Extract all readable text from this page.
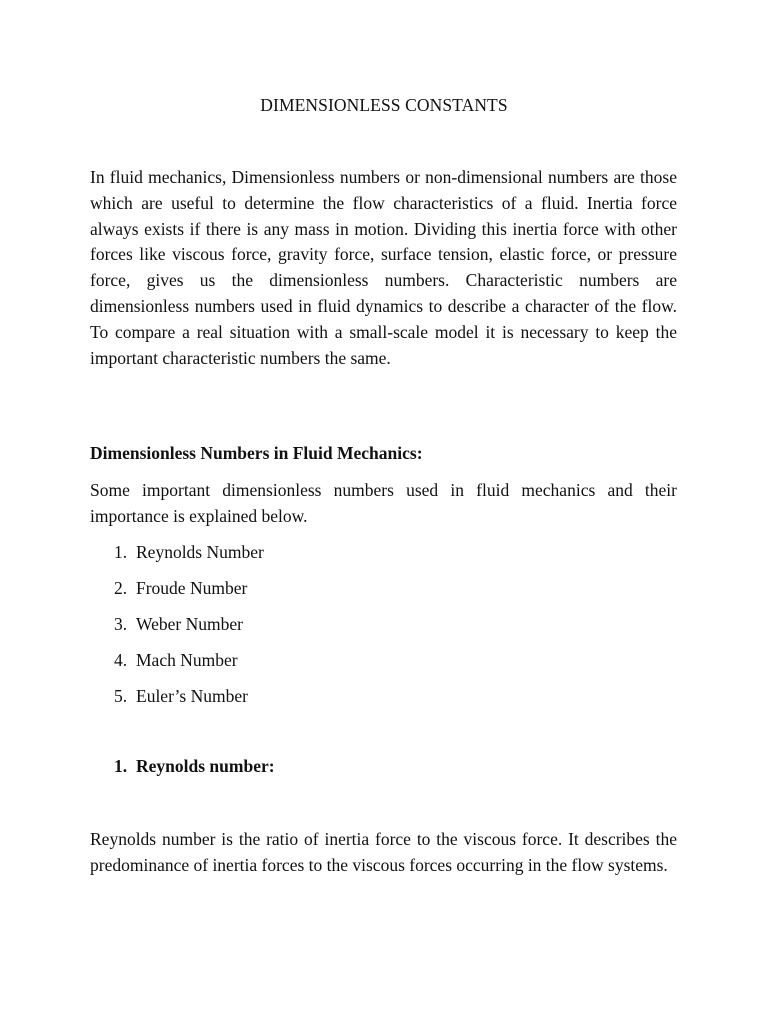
DIMENSIONLESS CONSTANTS

In fluid mechanics, Dimensionless numbers or non-dimensional numbers are those which are useful to determine the flow characteristics of a fluid. Inertia force always exists if there is any mass in motion. Dividing this inertia force with other forces like viscous force, gravity force, surface tension, elastic force, or pressure force, gives us the dimensionless numbers. Characteristic numbers are dimensionless numbers used in fluid dynamics to describe a character of the flow. To compare a real situation with a small-scale model it is necessary to keep the important characteristic numbers the same.

Dimensionless Numbers in Fluid Mechanics:

Some important dimensionless numbers used in fluid mechanics and their importance is explained below.

1. Reynolds Number
2. Froude Number
3. Weber Number
4. Mach Number
5. Euler’s Number
1. Reynolds number:

Reynolds number is the ratio of inertia force to the viscous force. It describes the predominance of inertia forces to the viscous forces occurring in the flow systems.
